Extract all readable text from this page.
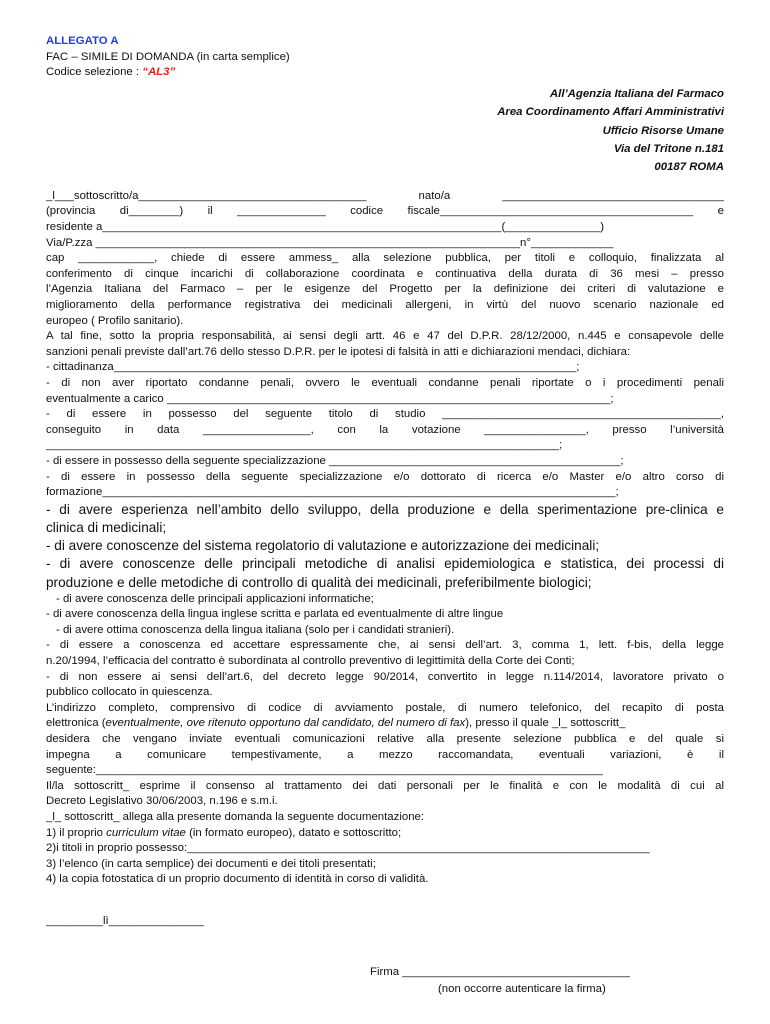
ALLEGATO A
FAC – SIMILE DI DOMANDA (in carta semplice)
Codice selezione : “AL3”
All’Agenzia Italiana del Farmaco
Area Coordinamento Affari Amministrativi
Ufficio Risorse Umane
Via del Tritone n.181
00187 ROMA
_l___sottoscritto/a____________________________________ nato/a ___________________________________
(provincia di________) il ______________ codice fiscale________________________________________ e
residente a_______________________________________________________________(_______________)
Via/P.zza ___________________________________________________________________n°_____________
cap ____________, chiede di essere ammess_ alla selezione pubblica, per titoli e colloquio, finalizzata al
conferimento di cinque incarichi di collaborazione coordinata e continuativa della durata di 36 mesi – presso
l’Agenzia Italiana del Farmaco – per le esigenze del Progetto per la definizione dei criteri di valutazione e
miglioramento della performance registrativa dei medicinali allergeni, in virtù del nuovo scenario nazionale ed
europeo ( Profilo sanitario).
A tal fine, sotto la propria responsabilità, ai sensi degli artt. 46 e 47 del D.P.R. 28/12/2000, n.445 e consapevole delle
sanzioni penali previste dall’art.76 dello stesso D.P.R. per le ipotesi di falsità in atti e dichiarazioni mendaci, dichiara:
- cittadinanza_________________________________________________________________________;
- di non aver riportato condanne penali, ovvero le eventuali condanne penali riportate o i procedimenti penali
eventualmente a carico ______________________________________________________________________;
- di essere in possesso del seguente titolo di studio ____________________________________________,
conseguito in data _________________, con la votazione ________________, presso l’università
_________________________________________________________________________________;
- di essere in possesso della seguente specializzazione ______________________________________________;
- di essere in possesso della seguente specializzazione e/o dottorato di ricerca e/o Master e/o altro corso di
formazione_________________________________________________________________________________;
- di avere esperienza nell’ambito dello sviluppo, della produzione e della sperimentazione pre-clinica e
clinica di medicinali;
- di avere conoscenze del sistema regolatorio di valutazione e autorizzazione dei medicinali;
- di avere conoscenze delle principali metodiche di analisi epidemiologica e statistica, dei processi di
produzione e delle metodiche di controllo di qualità dei medicinali, preferibilmente biologici;
- di avere conoscenza delle principali applicazioni informatiche;
- di avere conoscenza della lingua inglese scritta e parlata ed eventualmente di altre lingue
- di avere ottima conoscenza della lingua italiana (solo per i candidati stranieri).
- di essere a conoscenza ed accettare espressamente che, ai sensi dell’art. 3, comma 1, lett. f-bis, della legge
n.20/1994, l’efficacia del contratto è subordinata al controllo preventivo di legittimità della Corte dei Conti;
- di non essere ai sensi dell’art.6, del decreto legge 90/2014, convertito in legge n.114/2014, lavoratore privato o
pubblico collocato in quiescenza.
L’indirizzo completo, comprensivo di codice di avviamento postale, di numero telefonico, del recapito di posta
elettronica (eventualmente, ove ritenuto opportuno dal candidato, del numero di fax), presso il quale _l_ sottoscritt_
desidera che vengano inviate eventuali comunicazioni relative alla presente selezione pubblica e del quale si
impegna a comunicare tempestivamente, a mezzo raccomandata, eventuali variazioni, è il
seguente:________________________________________________________________________________
Il/la sottoscritt_ esprime il consenso al trattamento dei dati personali per le finalità e con le modalità di cui al
Decreto Legislativo 30/06/2003, n.196 e s.m.i.
_l_ sottoscritt_ allega alla presente domanda la seguente documentazione:
1) il proprio curriculum vitae (in formato europeo), datato e sottoscritto;
2)i titoli in proprio possesso:_________________________________________________________________________
3) l’elenco (in carta semplice) dei documenti e dei titoli presentati;
4) la copia fotostatica di un proprio documento di identità in corso di validità.
_________lì_______________
Firma ____________________________________
(non occorre autenticare la firma)
